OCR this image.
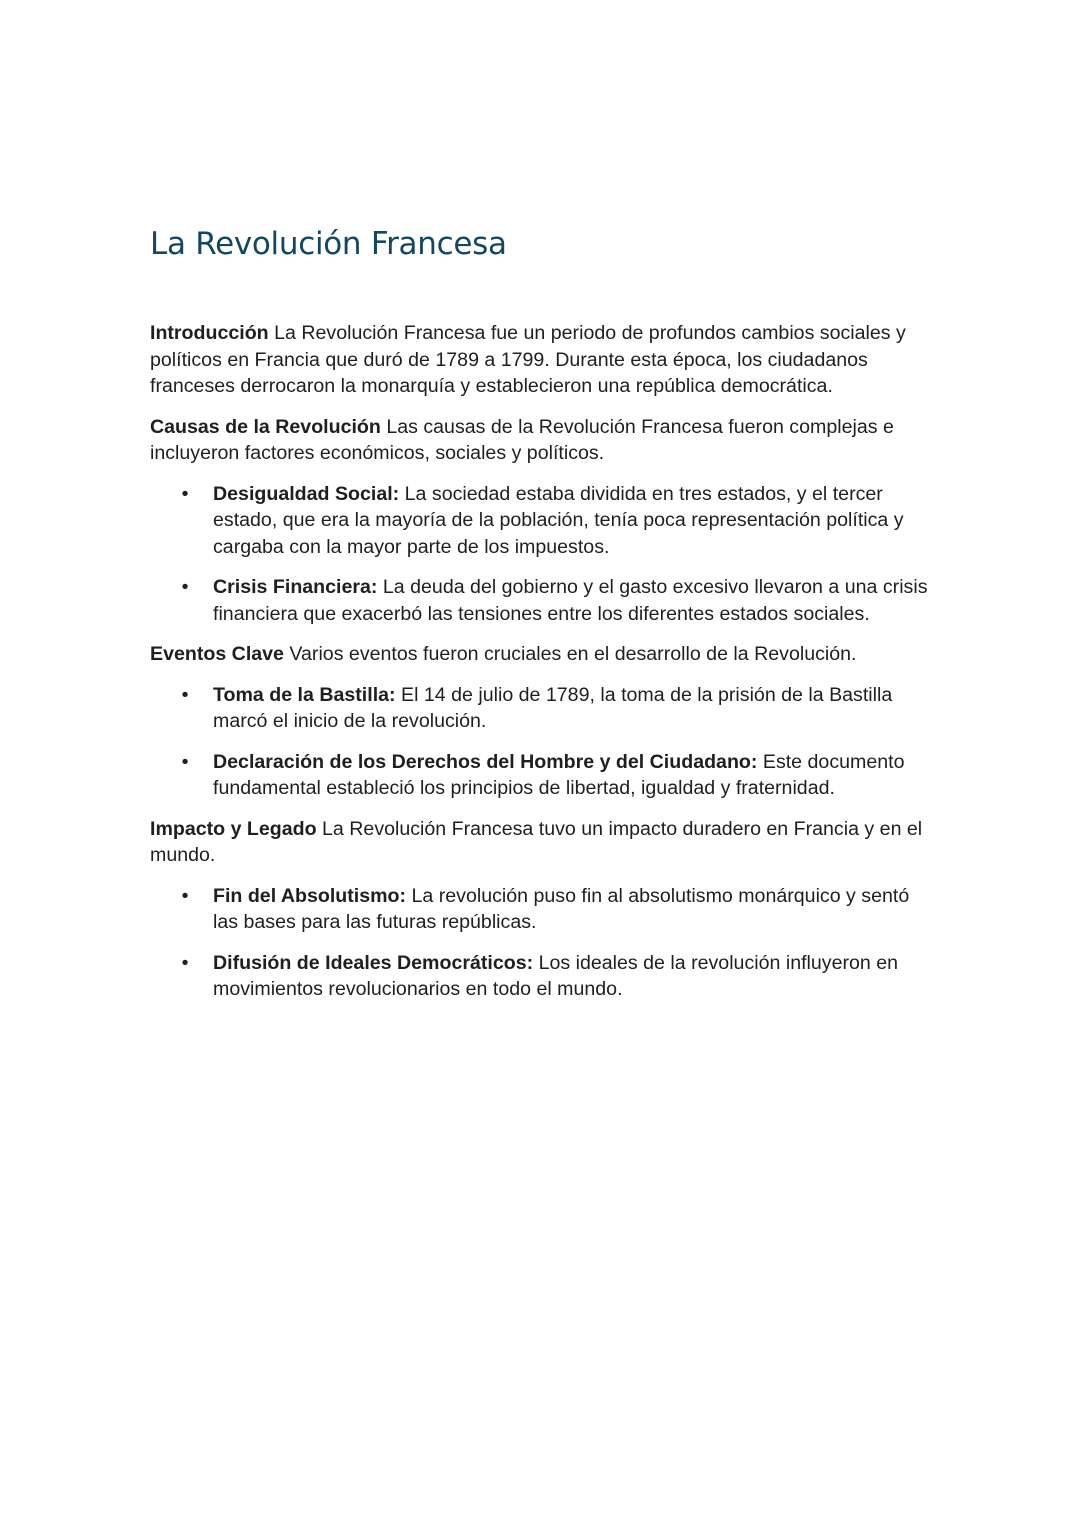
La Revolución Francesa

Introducción La Revolución Francesa fue un periodo de profundos cambios sociales y políticos en Francia que duró de 1789 a 1799. Durante esta época, los ciudadanos franceses derrocaron la monarquía y establecieron una república democrática.

Causas de la Revolución Las causas de la Revolución Francesa fueron complejas e incluyeron factores económicos, sociales y políticos.

• Desigualdad Social: La sociedad estaba dividida en tres estados, y el tercer estado, que era la mayoría de la población, tenía poca representación política y cargaba con la mayor parte de los impuestos.
• Crisis Financiera: La deuda del gobierno y el gasto excesivo llevaron a una crisis financiera que exacerbó las tensiones entre los diferentes estados sociales.

Eventos Clave Varios eventos fueron cruciales en el desarrollo de la Revolución.

• Toma de la Bastilla: El 14 de julio de 1789, la toma de la prisión de la Bastilla marcó el inicio de la revolución.
• Declaración de los Derechos del Hombre y del Ciudadano: Este documento fundamental estableció los principios de libertad, igualdad y fraternidad.

Impacto y Legado La Revolución Francesa tuvo un impacto duradero en Francia y en el mundo.

• Fin del Absolutismo: La revolución puso fin al absolutismo monárquico y sentó las bases para las futuras repúblicas.
• Difusión de Ideales Democráticos: Los ideales de la revolución influyeron en movimientos revolucionarios en todo el mundo.
